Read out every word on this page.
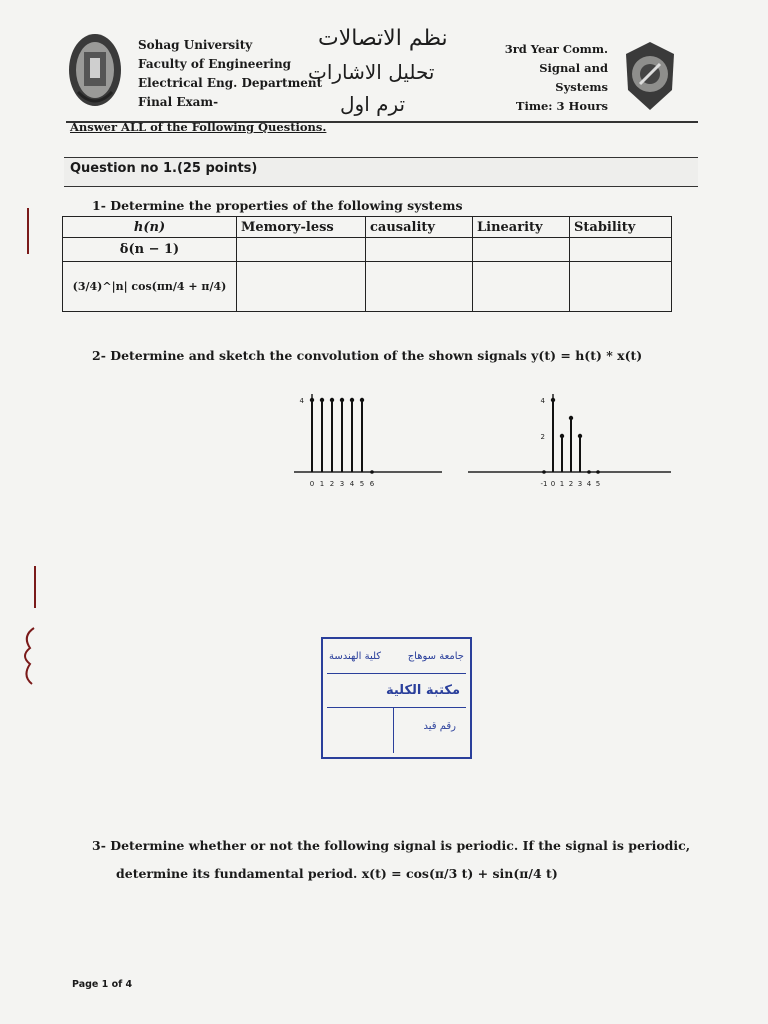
Sohag University
Faculty of Engineering
Electrical Eng. Department
Final Exam-
نظم الاتصالات
تحليل الاشارات
ترم اول
3rd Year Comm.
Signal and Systems
Time: 3 Hours
Answer ALL of the Following Questions.
Question no 1.(25 points)
1- Determine the properties of the following systems
h(n)	Memory-less	causality	Linearity	Stability
δ(n − 1)				
(3/4)^|n| cos(πn/4 + π/4)				
2- Determine and sketch the convolution of the shown signals y(t) = h(t) * x(t)
0 1 2 3 4 5 6
4
-1 0 1 2 3 4 5
4
2
جامعة سوهاج
كلية الهندسة
مكتبة الكلية
رقم قيد
3- Determine whether or not the following signal is periodic. If the signal is periodic,
determine its fundamental period. x(t) = cos(π/3 t) + sin(π/4 t)
Page 1 of 4
